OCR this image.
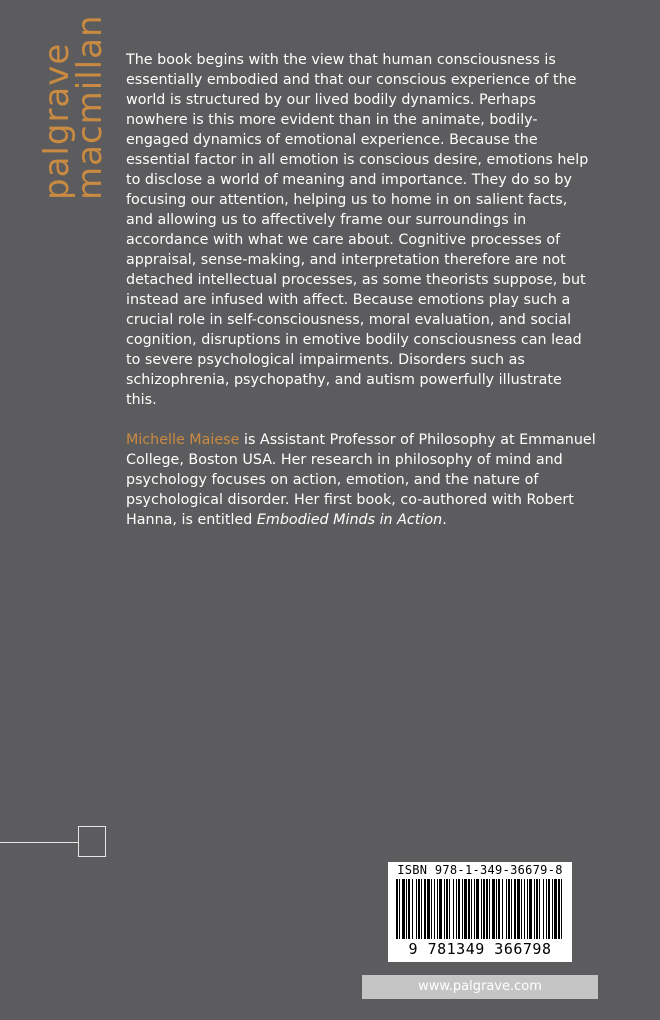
palgrave
macmillan The book begins with the view that human consciousness is essentially embodied and that our conscious experience of the world is structured by our lived bodily dynamics. Perhaps nowhere is this more evident than in the animate, bodily-engaged dynamics of emotional experience. Because the essential factor in all emotion is conscious desire, emotions help to disclose a world of meaning and importance. They do so by focusing our attention, helping us to home in on salient facts, and allowing us to affectively frame our surroundings in accordance with what we care about. Cognitive processes of appraisal, sense-making, and interpretation therefore are not detached intellectual processes, as some theorists suppose, but instead are infused with affect. Because emotions play such a crucial role in self-consciousness, moral evaluation, and social cognition, disruptions in emotive bodily consciousness can lead to severe psychological impairments. Disorders such as schizophrenia, psychopathy, and autism powerfully illustrate this.

Michelle Maiese is Assistant Professor of Philosophy at Emmanuel College, Boston USA. Her research in philosophy of mind and psychology focuses on action, emotion, and the nature of psychological disorder. Her first book, co-authored with Robert Hanna, is entitled Embodied Minds in Action.

ISBN 978-1-349-36679-8
9 781349 366798
www.palgrave.com
